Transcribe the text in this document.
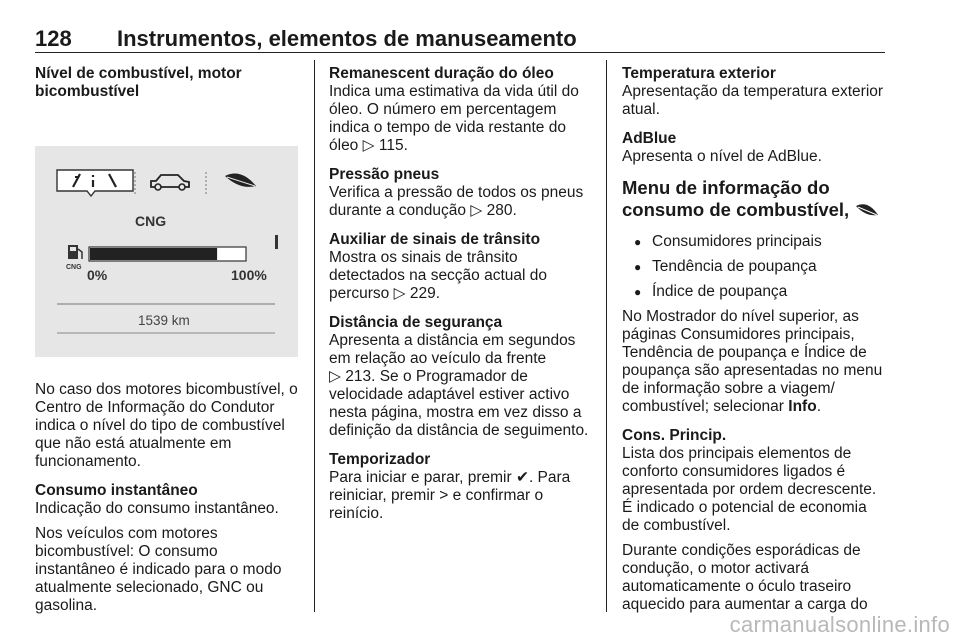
128 Instrumentos, elementos de manuseamento
Nível de combustível, motor
bicombustível
CNG
CNG 0%	100%
1539 km

No caso dos motores bicombustível, o Centro de Informação do Condutor indica o nível do tipo de combustível que não está atualmente em funcionamento.

Consumo instantâneo

Indicação do consumo instantâneo.

Nos veículos com motores bicombustível: O consumo instantâneo é indicado para o modo atualmente selecionado, GNC ou gasolina.

Remanescent duração do óleo

Indica uma estimativa da vida útil do óleo. O número em percentagem indica o tempo de vida restante do óleo ▷ 115.

Pressão pneus

Verifica a pressão de todos os pneus durante a condução ▷ 280.

Auxiliar de sinais de trânsito

Mostra os sinais de trânsito detectados na secção actual do percurso ▷ 229.

Distância de segurança

Apresenta a distância em segundos em relação ao veículo da frente
▷ 213. Se o Programador de velocidade adaptável estiver activo nesta página, mostra em vez disso a definição da distância de seguimento.

Temporizador

Para iniciar e parar, premir ✔. Para reiniciar, premir > e confirmar o reinício.

Temperatura exterior

Apresentação da temperatura exterior atual.

AdBlue

Apresenta o nível de AdBlue.

Menu de informação do consumo de combustível,
● Consumidores principais
● Tendência de poupança
● Índice de poupança

No Mostrador do nível superior, as páginas Consumidores principais, Tendência de poupança e Índice de poupança são apresentadas no menu de informação sobre a viagem/ combustível; selecionar Info.

Cons. Princip.

Lista dos principais elementos de conforto consumidores ligados é apresentada por ordem decrescente. É indicado o potencial de economia de combustível.

Durante condições esporádicas de condução, o motor activará automaticamente o óculo traseiro aquecido para aumentar a carga do

carmanualsonline.info
